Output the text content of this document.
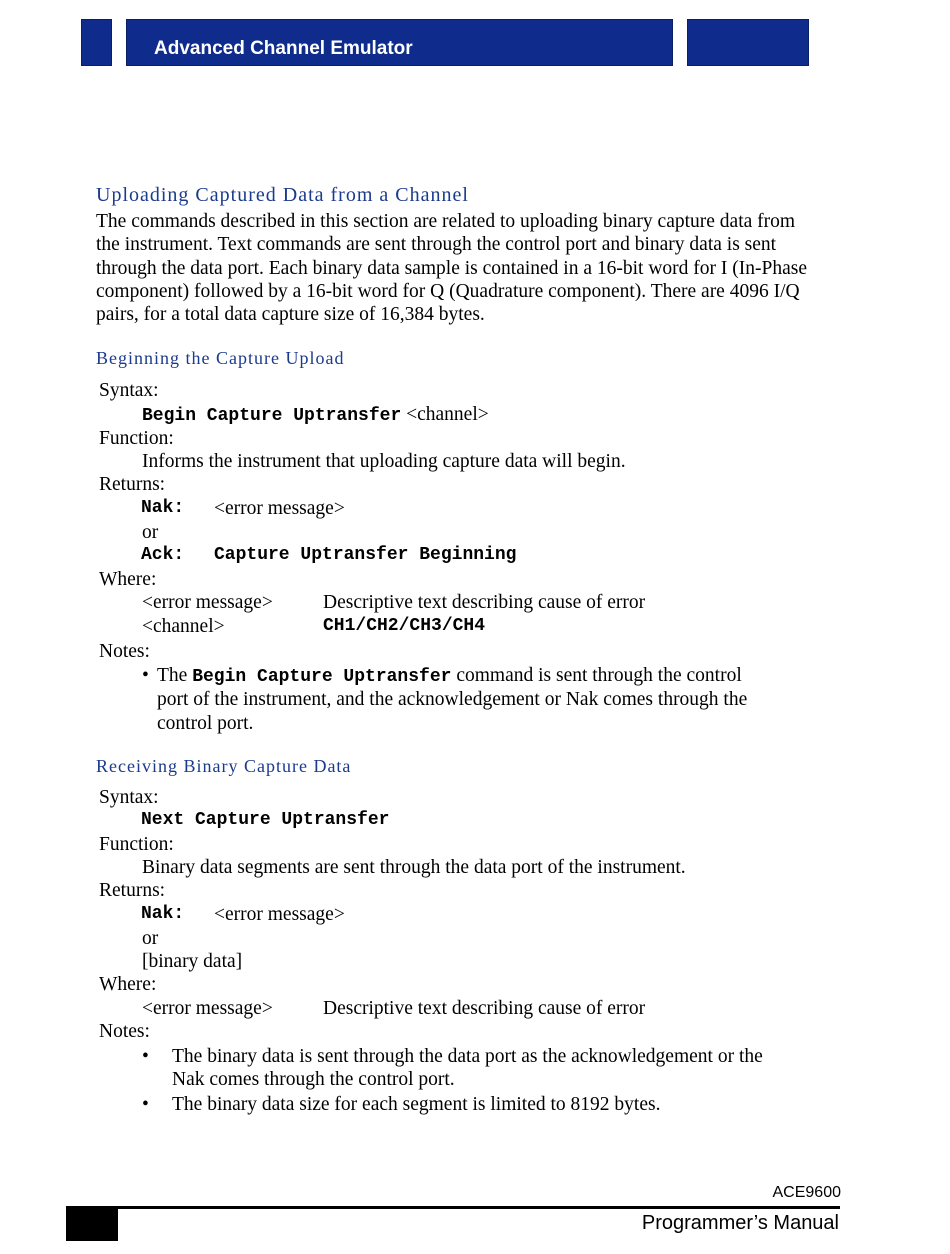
Advanced Channel Emulator
Uploading Captured Data from a Channel
The commands described in this section are related to uploading binary capture data from the instrument. Text commands are sent through the control port and binary data is sent through the data port. Each binary data sample is contained in a 16-bit word for I (In-Phase component) followed by a 16-bit word for Q (Quadrature component). There are 4096 I/Q pairs, for a total data capture size of 16,384 bytes.
Beginning the Capture Upload
Syntax:
Begin Capture Uptransfer <channel>
Function:
Informs the instrument that uploading capture data will begin.
Returns:
Nak: <error message>
or
Ack: Capture Uptransfer Beginning
Where:
<error message>	Descriptive text describing cause of error
<channel>	CH1/CH2/CH3/CH4
Notes:
• The Begin Capture Uptransfer command is sent through the control
port of the instrument, and the acknowledgement or Nak comes through the
control port.
Receiving Binary Capture Data
Syntax:
Next Capture Uptransfer
Function:
Binary data segments are sent through the data port of the instrument.
Returns:
Nak: <error message>
or
[binary data]
Where:
<error message>	Descriptive text describing cause of error
Notes:
• The binary data is sent through the data port as the acknowledgement or the
Nak comes through the control port.
• The binary data size for each segment is limited to 8192 bytes.
ACE9600
Programmer’s Manual
